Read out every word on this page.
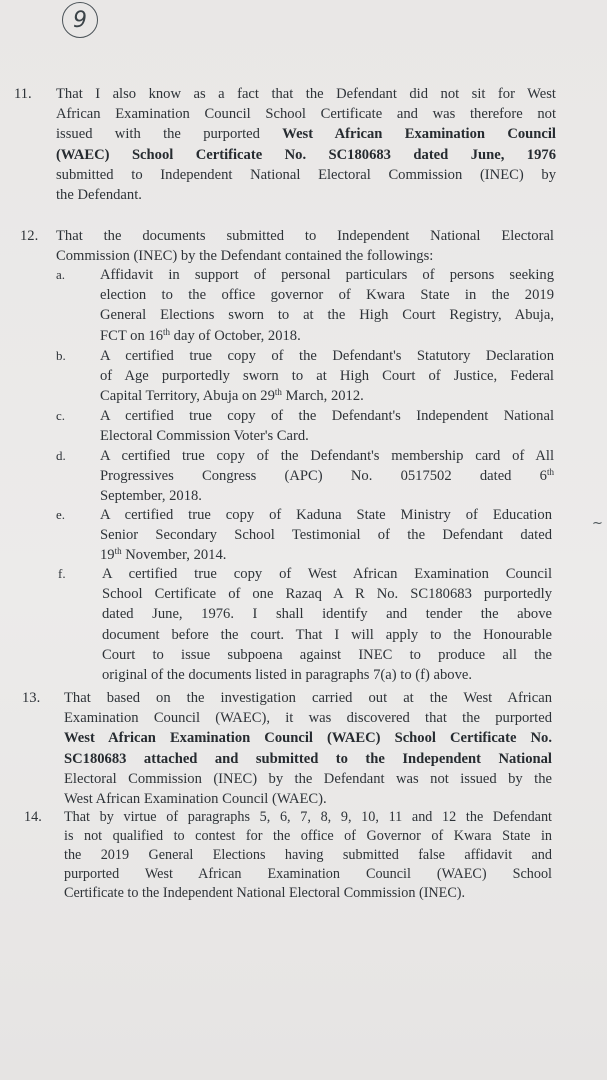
9
~
11. That I also know as a fact that the Defendant did not sit for West
African Examination Council School Certificate and was therefore not
issued with the purported West African Examination Council
(WAEC) School Certificate No. SC180683 dated June, 1976
submitted to Independent National Electoral Commission (INEC) by
the Defendant.
12. That the documents submitted to Independent National Electoral
Commission (INEC) by the Defendant contained the followings:
a. Affidavit in support of personal particulars of persons seeking
election to the office governor of Kwara State in the 2019
General Elections sworn to at the High Court Registry, Abuja,
FCT on 16th day of October, 2018.
b. A certified true copy of the Defendant's Statutory Declaration
of Age purportedly sworn to at High Court of Justice, Federal
Capital Territory, Abuja on 29th March, 2012.
c. A certified true copy of the Defendant's Independent National
Electoral Commission Voter's Card.
d. A certified true copy of the Defendant's membership card of All
Progressives Congress (APC) No. 0517502 dated 6th
September, 2018.
e. A certified true copy of Kaduna State Ministry of Education
Senior Secondary School Testimonial of the Defendant dated
19th November, 2014.
f. A certified true copy of West African Examination Council
School Certificate of one Razaq A R No. SC180683 purportedly
dated June, 1976. I shall identify and tender the above
document before the court. That I will apply to the Honourable
Court to issue subpoena against INEC to produce all the
original of the documents listed in paragraphs 7(a) to (f) above.
13. That based on the investigation carried out at the West African
Examination Council (WAEC), it was discovered that the purported
West African Examination Council (WAEC) School Certificate No.
SC180683 attached and submitted to the Independent National
Electoral Commission (INEC) by the Defendant was not issued by the
West African Examination Council (WAEC).
14. That by virtue of paragraphs 5, 6, 7, 8, 9, 10, 11 and 12 the Defendant
is not qualified to contest for the office of Governor of Kwara State in
the 2019 General Elections having submitted false affidavit and
purported West African Examination Council (WAEC) School
Certificate to the Independent National Electoral Commission (INEC).
